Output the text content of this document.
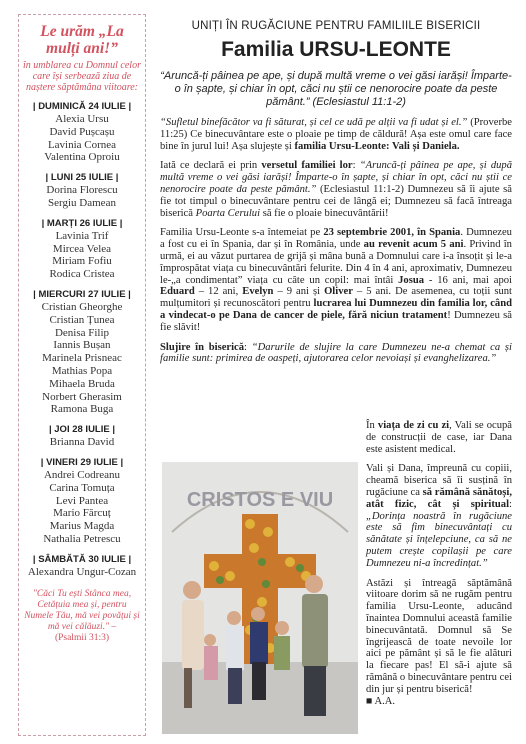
Le urăm „La mulți ani!”
în umblarea cu Domnul celor care își serbează ziua de naștere săptămâna viitoare:
| DUMINICĂ 24 IULIE |
Alexia Ursu
David Pușcașu
Lavinia Cornea
Valentina Oproiu
| LUNI 25 IULIE |
Dorina Florescu
Sergiu Damean
| MARȚI 26 IULIE |
Lavinia Trif
Mircea Velea
Miriam Fofiu
Rodica Cristea
| MIERCURI 27 IULIE |
Cristian Gheorghe
Cristian Țunea
Denisa Filip
Iannis Bușan
Marinela Prisneac
Mathias Popa
Mihaela Bruda
Norbert Gherasim
Ramona Buga
| JOI 28 IULIE |
Brianna David
| VINERI 29 IULIE |
Andrei Codreanu
Carina Tomuța
Levi Pantea
Mario Fărcuț
Marius Magda
Nathalia Petrescu
| SÂMBĂTĂ 30 IULIE |
Alexandra Ungur-Cozan
"Căci Tu ești Stânca mea, Cetățuia mea și, pentru Numele Tău, mă vei povățui și mă vei călăuzi." –
(Psalmii 31:3)
UNIȚI ÎN RUGĂCIUNE PENTRU FAMILIILE BISERICII
Familia URSU-LEONTE
“Aruncă-ți pâinea pe ape, și după multă vreme o vei găsi iarăși! Împarte-o în șapte, și chiar în opt, căci nu știi ce nenorocire poate da peste pământ.” (Eclesiastul 11:1-2)
“Sufletul binefăcător va fi săturat, și cel ce udă pe alții va fi udat și el.” (Proverbe 11:25) Ce binecuvântare este o ploaie pe timp de căldură! Așa este omul care face bine în jurul lui! Așa slujește și familia Ursu-Leonte: Vali și Daniela.
Iată ce declară ei prin versetul familiei lor: “Aruncă-ți pâinea pe ape, și după multă vreme o vei găsi iarăși! Împarte-o în șapte, și chiar în opt, căci nu știi ce nenorocire poate da peste pământ.” (Eclesiastul 11:1-2) Dumnezeu să îi ajute să fie tot timpul o binecuvântare pentru cei de lângă ei; Dumnezeu să facă întreaga biserică Poarta Cerului să fie o ploaie binecuvântării!
Familia Ursu-Leonte s-a întemeiat pe 23 septembrie 2001, în Spania. Dumnezeu a fost cu ei în Spania, dar și în România, unde au revenit acum 5 ani. Privind în urmă, ei au văzut purtarea de grijă și mâna bună a Domnului care i-a însoțit și le-a împrospătat viața cu binecuvântări felurite. Din 4 în 4 ani, aproximativ, Dumnezeu le-„a condimentat” viața cu câte un copil: mai întâi Josua - 16 ani, mai apoi Eduard – 12 ani, Evelyn – 9 ani și Oliver – 5 ani. De asemenea, cu toții sunt mulțumitori și recunoscători pentru lucrarea lui Dumnezeu din familia lor, când a vindecat-o pe Dana de cancer de piele, fără niciun tratament! Dumnezeu să fie slăvit!
Slujire în biserică: “Darurile de slujire la care Dumnezeu ne-a chemat ca și familie sunt: primirea de oaspeți, ajutorarea celor nevoiași și evanghelizarea.”
CRISTOS E VIU

În viața de zi cu zi, Vali se ocupă de construcții de case, iar Dana este asistent medical.

Vali și Dana, împreună cu copiii, cheamă biserica să îi susțină în rugăciune ca să rămână sănătoși, atât fizic, cât și spiritual: „Dorința noastră în rugăciune este să fim binecuvântați cu sănătate și înțelepciune, ca să ne putem crește copilașii pe care Dumnezeu ni-a încredințat.”

Astăzi și întreagă săptămână viitoare dorim să ne rugăm pentru familia Ursu-Leonte, aducând înaintea Domnului această familie binecuvântată. Domnul să Se îngrijească de toate nevoile lor aici pe pământ și să le fie alături la fiecare pas! El să-i ajute să rămână o binecuvântare pentru cei din jur și pentru biserică!
■ A.A.
